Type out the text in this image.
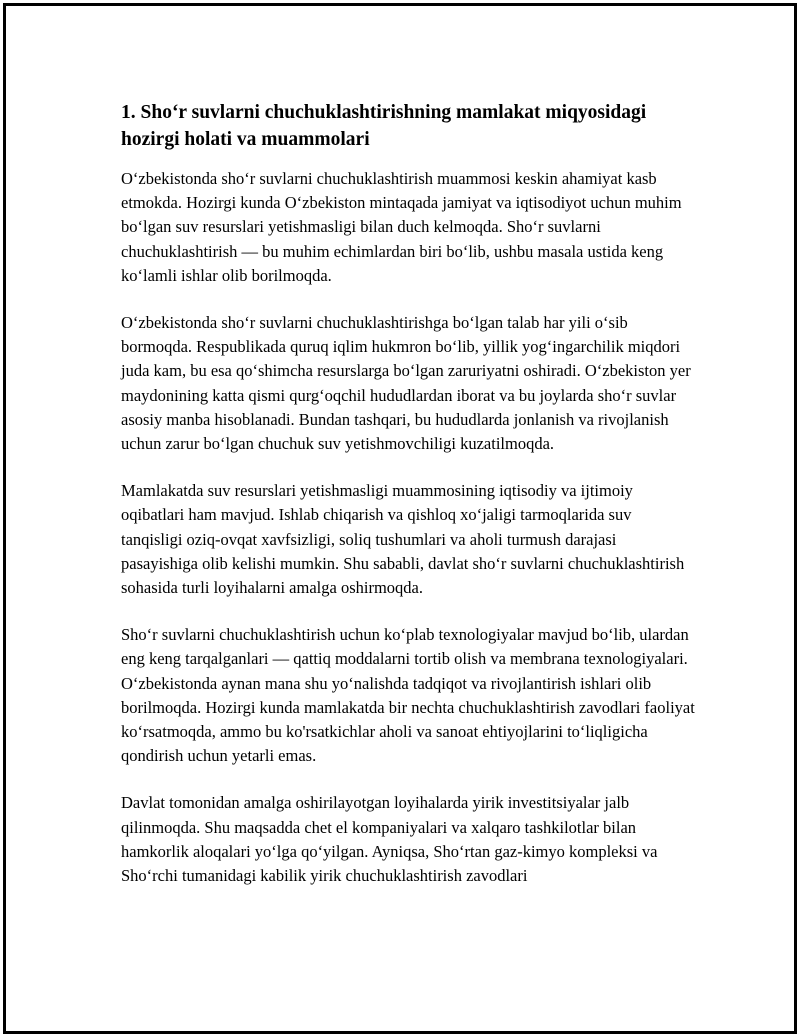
1. Sho‘r suvlarni chuchuklashtirishning mamlakat miqyosidagi hozirgi holati va muammolari

O‘zbekistonda sho‘r suvlarni chuchuklashtirish muammosi keskin ahamiyat kasb etmokda. Hozirgi kunda O‘zbekiston mintaqada jamiyat va iqtisodiyot uchun muhim bo‘lgan suv resurslari yetishmasligi bilan duch kelmoqda. Sho‘r suvlarni chuchuklashtirish — bu muhim echimlardan biri bo‘lib, ushbu masala ustida keng ko‘lamli ishlar olib borilmoqda.

O‘zbekistonda sho‘r suvlarni chuchuklashtirishga bo‘lgan talab har yili o‘sib bormoqda. Respublikada quruq iqlim hukmron bo‘lib, yillik yog‘ingarchilik miqdori juda kam, bu esa qo‘shimcha resurslarga bo‘lgan zaruriyatni oshiradi. O‘zbekiston yer maydonining katta qismi qurg‘oqchil hududlardan iborat va bu joylarda sho‘r suvlar asosiy manba hisoblanadi. Bundan tashqari, bu hududlarda jonlanish va rivojlanish uchun zarur bo‘lgan chuchuk suv yetishmovchiligi kuzatilmoqda.

Mamlakatda suv resurslari yetishmasligi muammosining iqtisodiy va ijtimoiy oqibatlari ham mavjud. Ishlab chiqarish va qishloq xo‘jaligi tarmoqlarida suv tanqisligi oziq-ovqat xavfsizligi, soliq tushumlari va aholi turmush darajasi pasayishiga olib kelishi mumkin. Shu sababli, davlat sho‘r suvlarni chuchuklashtirish sohasida turli loyihalarni amalga oshirmoqda.

Sho‘r suvlarni chuchuklashtirish uchun ko‘plab texnologiyalar mavjud bo‘lib, ulardan eng keng tarqalganlari — qattiq moddalarni tortib olish va membrana texnologiyalari. O‘zbekistonda aynan mana shu yo‘nalishda tadqiqot va rivojlantirish ishlari olib borilmoqda. Hozirgi kunda mamlakatda bir nechta chuchuklashtirish zavodlari faoliyat ko‘rsatmoqda, ammo bu ko'rsatkichlar aholi va sanoat ehtiyojlarini to‘liqligicha qondirish uchun yetarli emas.

Davlat tomonidan amalga oshirilayotgan loyihalarda yirik investitsiyalar jalb qilinmoqda. Shu maqsadda chet el kompaniyalari va xalqaro tashkilotlar bilan hamkorlik aloqalari yo‘lga qo‘yilgan. Ayniqsa, Sho‘rtan gaz-kimyo kompleksi va Sho‘rchi tumanidagi kabilik yirik chuchuklashtirish zavodlari
